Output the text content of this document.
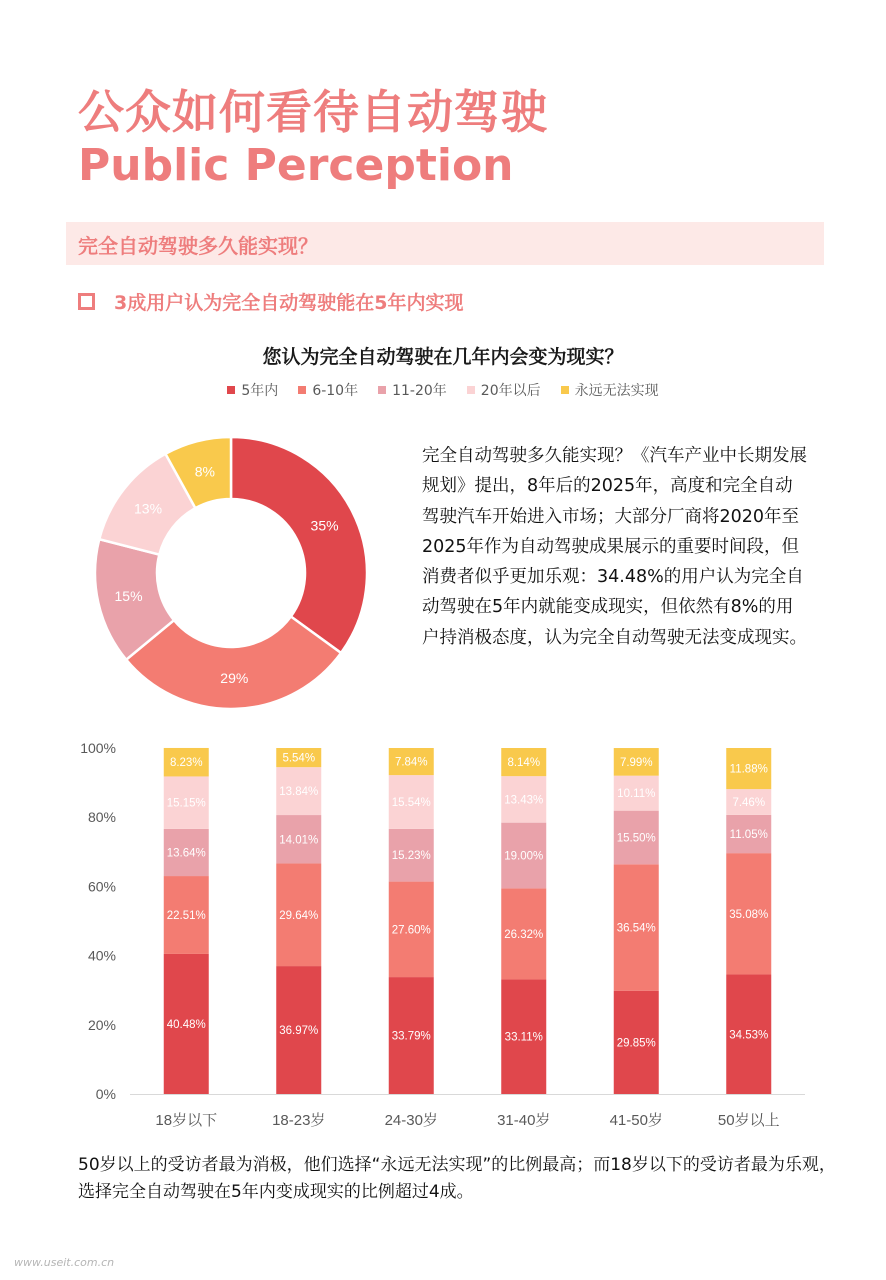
公众如何看待自动驾驶
Public Perception
完全自动驾驶多久能实现？
3成用户认为完全自动驾驶能在5年内实现
您认为完全自动驾驶在几年内会变为现实？
5年内 6-10年 11-20年 20年以后 永远无法实现
35%
29%
15%
13%
8%
完全自动驾驶多久能实现？《汽车产业中长期发展规划》提出，8年后的2025年，高度和完全自动驾驶汽车开始进入市场；大部分厂商将2020年至2025年作为自动驾驶成果展示的重要时间段，但消费者似乎更加乐观：34.48%的用户认为完全自动驾驶在5年内就能变成现实，但依然有8%的用户持消极态度，认为完全自动驾驶无法变成现实。
0%
20%
40%
60%
80%
100%
40.48%
22.51%
13.64%
15.15%
8.23%
18岁以下
36.97%
29.64%
14.01%
13.84%
5.54%
18-23岁
33.79%
27.60%
15.23%
15.54%
7.84%
24-30岁
33.11%
26.32%
19.00%
13.43%
8.14%
31-40岁
29.85%
36.54%
15.50%
10.11%
7.99%
41-50岁
34.53%
35.08%
11.05%
7.46%
11.88%
50岁以上
50岁以上的受访者最为消极，他们选择“永远无法实现”的比例最高；而18岁以下的受访者最为乐观，选择完全自动驾驶在5年内变成现实的比例超过4成。
www.useit.com.cn
